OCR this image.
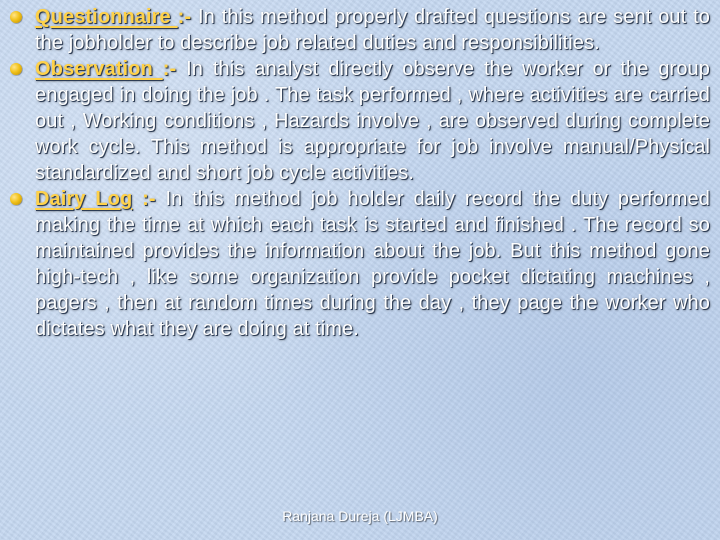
Questionnaire :- In this method properly drafted questions are sent out to the jobholder to describe job related duties and responsibilities.
Observation :- In this analyst directly observe the worker or the group engaged in doing the job . The task performed , where activities are carried out , Working conditions , Hazards involve , are observed during complete work cycle. This method is appropriate for job involve manual/Physical standardized and short job cycle activities.
Dairy Log :- In this method job holder daily record the duty performed making the time at which each task is started and finished . The record so maintained provides the information about the job. But this method gone high-tech , like some organization provide pocket dictating machines , pagers , then at random times during the day , they page the worker who dictates what they are doing at time.
Ranjana Dureja (LJMBA)
